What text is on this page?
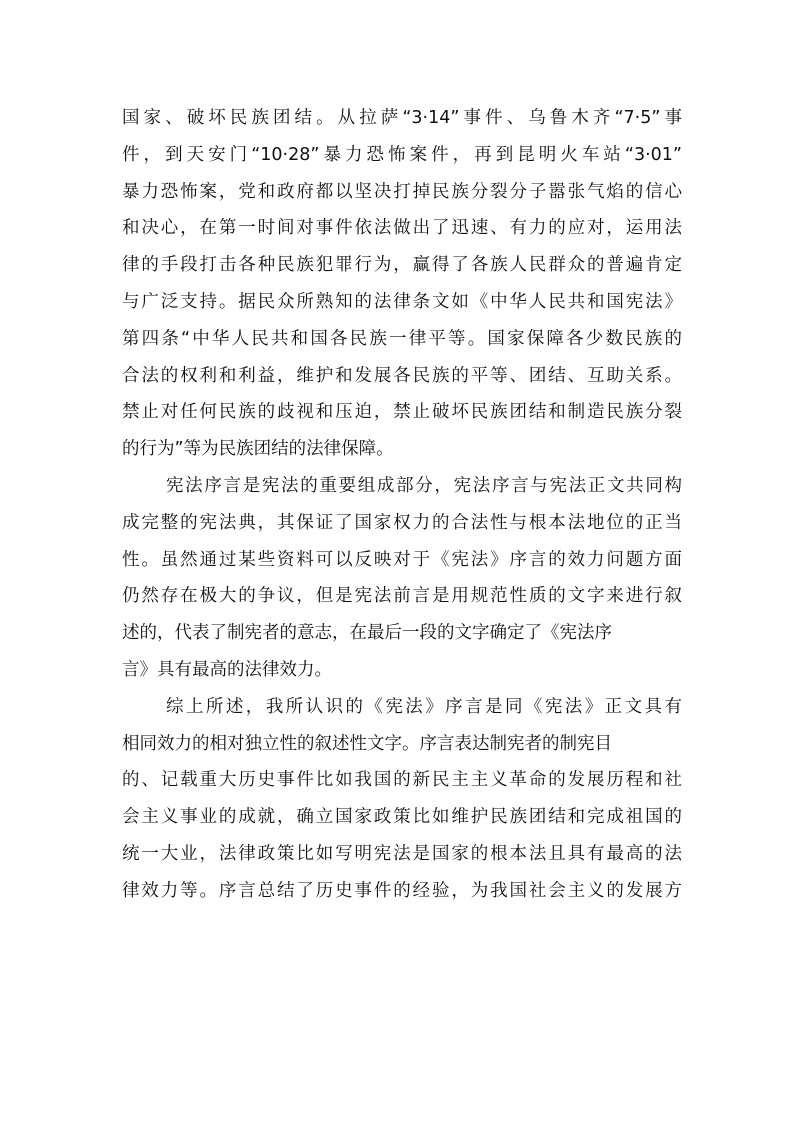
国家、破坏民族团结。从拉萨“3·14”事件、乌鲁木齐“7·5”事
件，到天安门“10·28”暴力恐怖案件，再到昆明火车站“3·01”
暴力恐怖案，党和政府都以坚决打掉民族分裂分子嚣张气焰的信心
和决心，在第一时间对事件依法做出了迅速、有力的应对，运用法
律的手段打击各种民族犯罪行为，赢得了各族人民群众的普遍肯定
与广泛支持。据民众所熟知的法律条文如《中华人民共和国宪法》
第四条“中华人民共和国各民族一律平等。国家保障各少数民族的
合法的权利和利益，维护和发展各民族的平等、团结、互助关系。
禁止对任何民族的歧视和压迫，禁止破坏民族团结和制造民族分裂
的行为”等为民族团结的法律保障。
宪法序言是宪法的重要组成部分，宪法序言与宪法正文共同构
成完整的宪法典，其保证了国家权力的合法性与根本法地位的正当
性。虽然通过某些资料可以反映对于《宪法》序言的效力问题方面
仍然存在极大的争议，但是宪法前言是用规范性质的文字来进行叙
述的，代表了制宪者的意志，在最后一段的文字确定了《宪法序
言》具有最高的法律效力。
综上所述，我所认识的《宪法》序言是同《宪法》正文具有
相同效力的相对独立性的叙述性文字。序言表达制宪者的制宪目
的、记载重大历史事件比如我国的新民主主义革命的发展历程和社
会主义事业的成就，确立国家政策比如维护民族团结和完成祖国的
统一大业，法律政策比如写明宪法是国家的根本法且具有最高的法
律效力等。序言总结了历史事件的经验，为我国社会主义的发展方
